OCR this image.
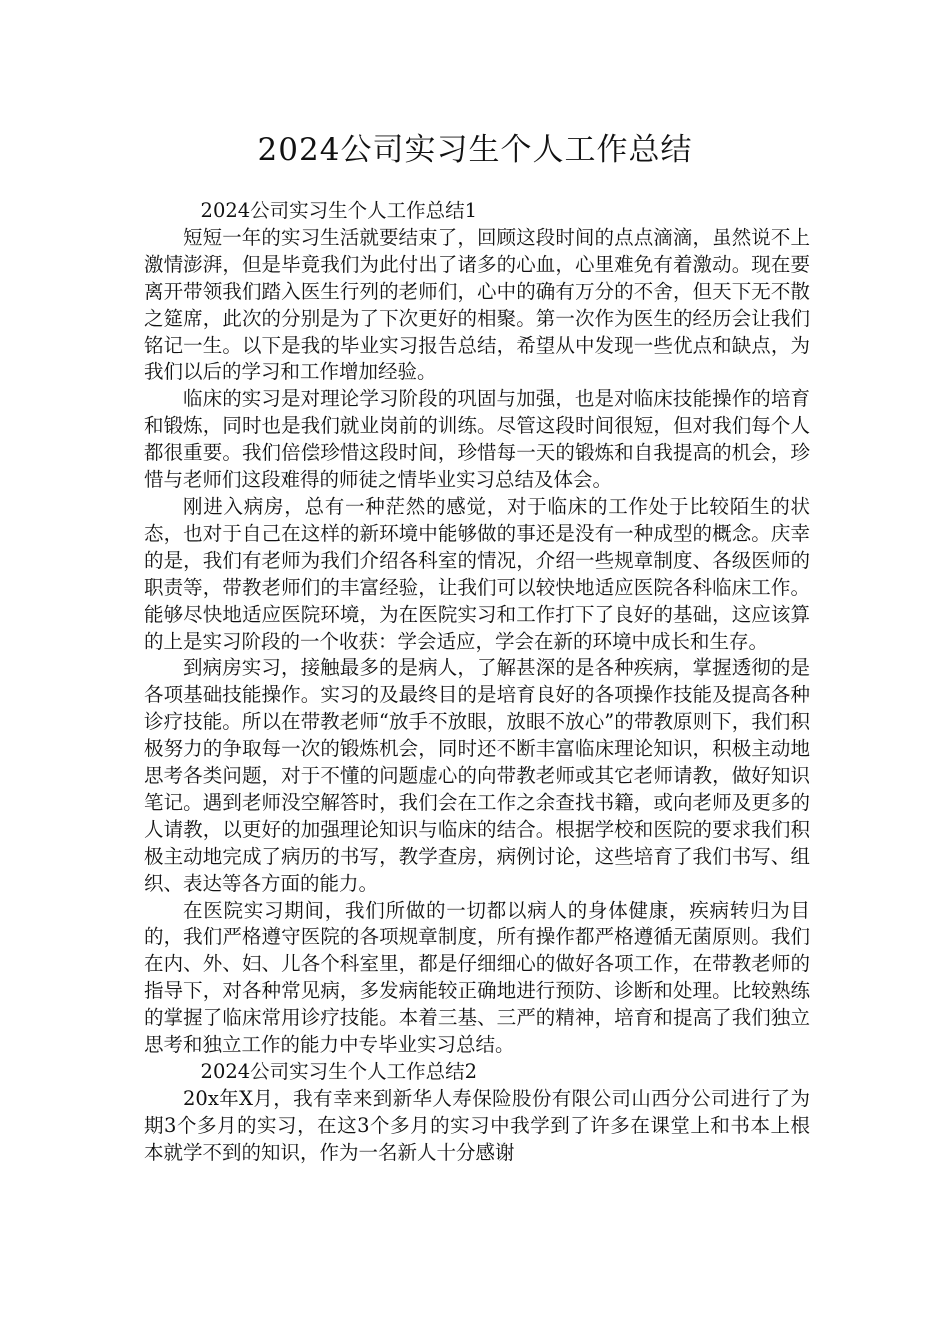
2024公司实习生个人工作总结

2024公司实习生个人工作总结1

短短一年的实习生活就要结束了，回顾这段时间的点点滴滴，虽然说不上激情澎湃，但是毕竟我们为此付出了诸多的心血，心里难免有着激动。现在要离开带领我们踏入医生行列的老师们，心中的确有万分的不舍，但天下无不散之筵席，此次的分别是为了下次更好的相聚。第一次作为医生的经历会让我们铭记一生。以下是我的毕业实习报告总结，希望从中发现一些优点和缺点，为我们以后的学习和工作增加经验。

临床的实习是对理论学习阶段的巩固与加强，也是对临床技能操作的培育和锻炼，同时也是我们就业岗前的训练。尽管这段时间很短，但对我们每个人都很重要。我们倍偿珍惜这段时间，珍惜每一天的锻炼和自我提高的机会，珍惜与老师们这段难得的师徒之情毕业实习总结及体会。

刚进入病房，总有一种茫然的感觉，对于临床的工作处于比较陌生的状态，也对于自己在这样的新环境中能够做的事还是没有一种成型的概念。庆幸的是，我们有老师为我们介绍各科室的情况，介绍一些规章制度、各级医师的职责等，带教老师们的丰富经验，让我们可以较快地适应医院各科临床工作。能够尽快地适应医院环境，为在医院实习和工作打下了良好的基础，这应该算的上是实习阶段的一个收获：学会适应，学会在新的环境中成长和生存。

到病房实习，接触最多的是病人，了解甚深的是各种疾病，掌握透彻的是各项基础技能操作。实习的及最终目的是培育良好的各项操作技能及提高各种诊疗技能。所以在带教老师“放手不放眼，放眼不放心”的带教原则下，我们积极努力的争取每一次的锻炼机会，同时还不断丰富临床理论知识，积极主动地思考各类问题，对于不懂的问题虚心的向带教老师或其它老师请教，做好知识笔记。遇到老师没空解答时，我们会在工作之余查找书籍，或向老师及更多的人请教，以更好的加强理论知识与临床的结合。根据学校和医院的要求我们积极主动地完成了病历的书写，教学查房，病例讨论，这些培育了我们书写、组织、表达等各方面的能力。

在医院实习期间，我们所做的一切都以病人的身体健康，疾病转归为目的，我们严格遵守医院的各项规章制度，所有操作都严格遵循无菌原则。我们在内、外、妇、儿各个科室里，都是仔细细心的做好各项工作，在带教老师的指导下，对各种常见病，多发病能较正确地进行预防、诊断和处理。比较熟练的掌握了临床常用诊疗技能。本着三基、三严的精神，培育和提高了我们独立思考和独立工作的能力中专毕业实习总结。

2024公司实习生个人工作总结2

20x年X月，我有幸来到新华人寿保险股份有限公司山西分公司进行了为期3个多月的实习，在这3个多月的实习中我学到了许多在课堂上和书本上根本就学不到的知识，作为一名新人十分感谢
